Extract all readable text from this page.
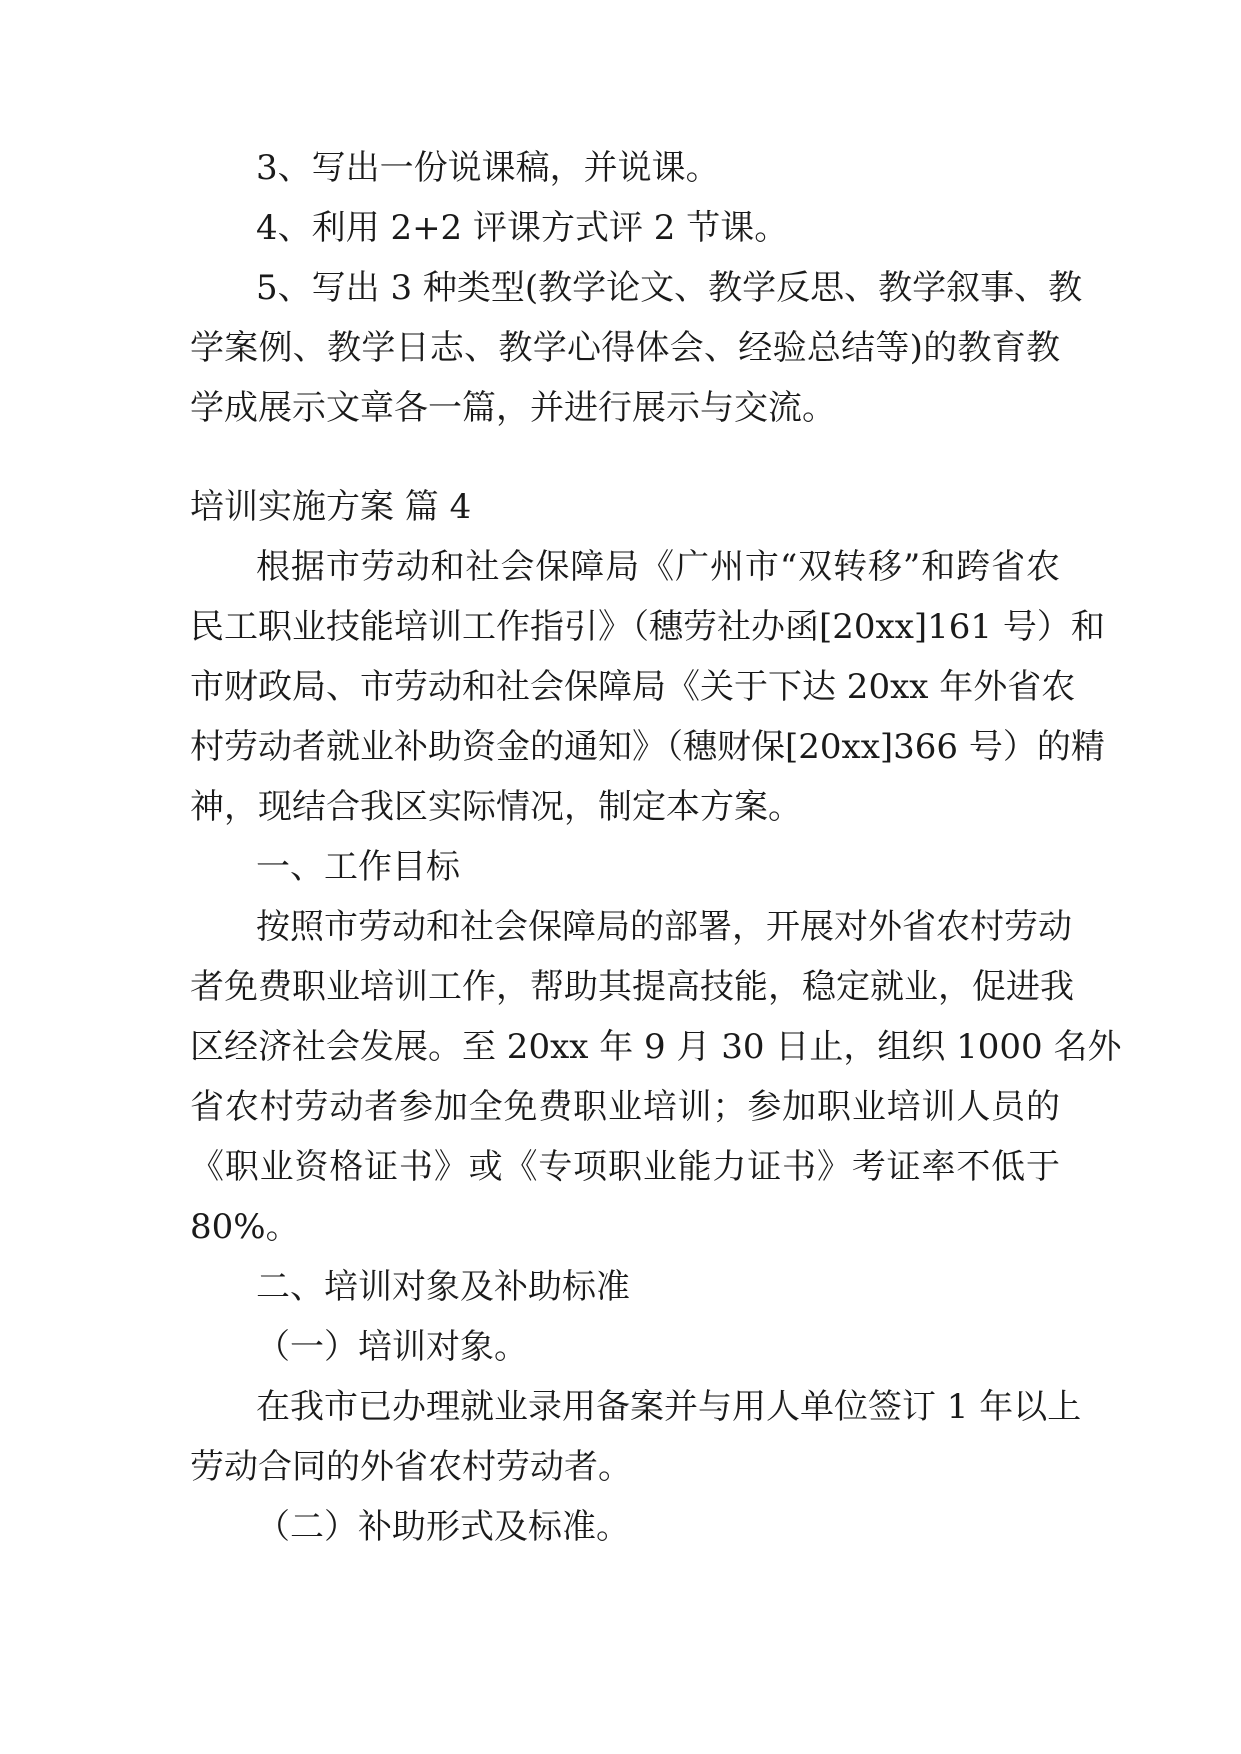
3、写出一份说课稿，并说课。
4、利用 2+2 评课方式评 2 节课。
5、写出 3 种类型(教学论文、教学反思、教学叙事、教
学案例、教学日志、教学心得体会、经验总结等)的教育教
学成展示文章各一篇，并进行展示与交流。
培训实施方案 篇 4
根据市劳动和社会保障局《广州市“双转移”和跨省农
民工职业技能培训工作指引》（穗劳社办函[20xx]161 号）和
市财政局、市劳动和社会保障局《关于下达 20xx 年外省农
村劳动者就业补助资金的通知》（穗财保[20xx]366 号）的精
神，现结合我区实际情况，制定本方案。
一、工作目标
按照市劳动和社会保障局的部署，开展对外省农村劳动
者免费职业培训工作，帮助其提高技能，稳定就业，促进我
区经济社会发展。至 20xx 年 9 月 30 日止，组织 1000 名外
省农村劳动者参加全免费职业培训；参加职业培训人员的
《职业资格证书》或《专项职业能力证书》考证率不低于
80%。
二、培训对象及补助标准
（一）培训对象。
在我市已办理就业录用备案并与用人单位签订 1 年以上
劳动合同的外省农村劳动者。
（二）补助形式及标准。
